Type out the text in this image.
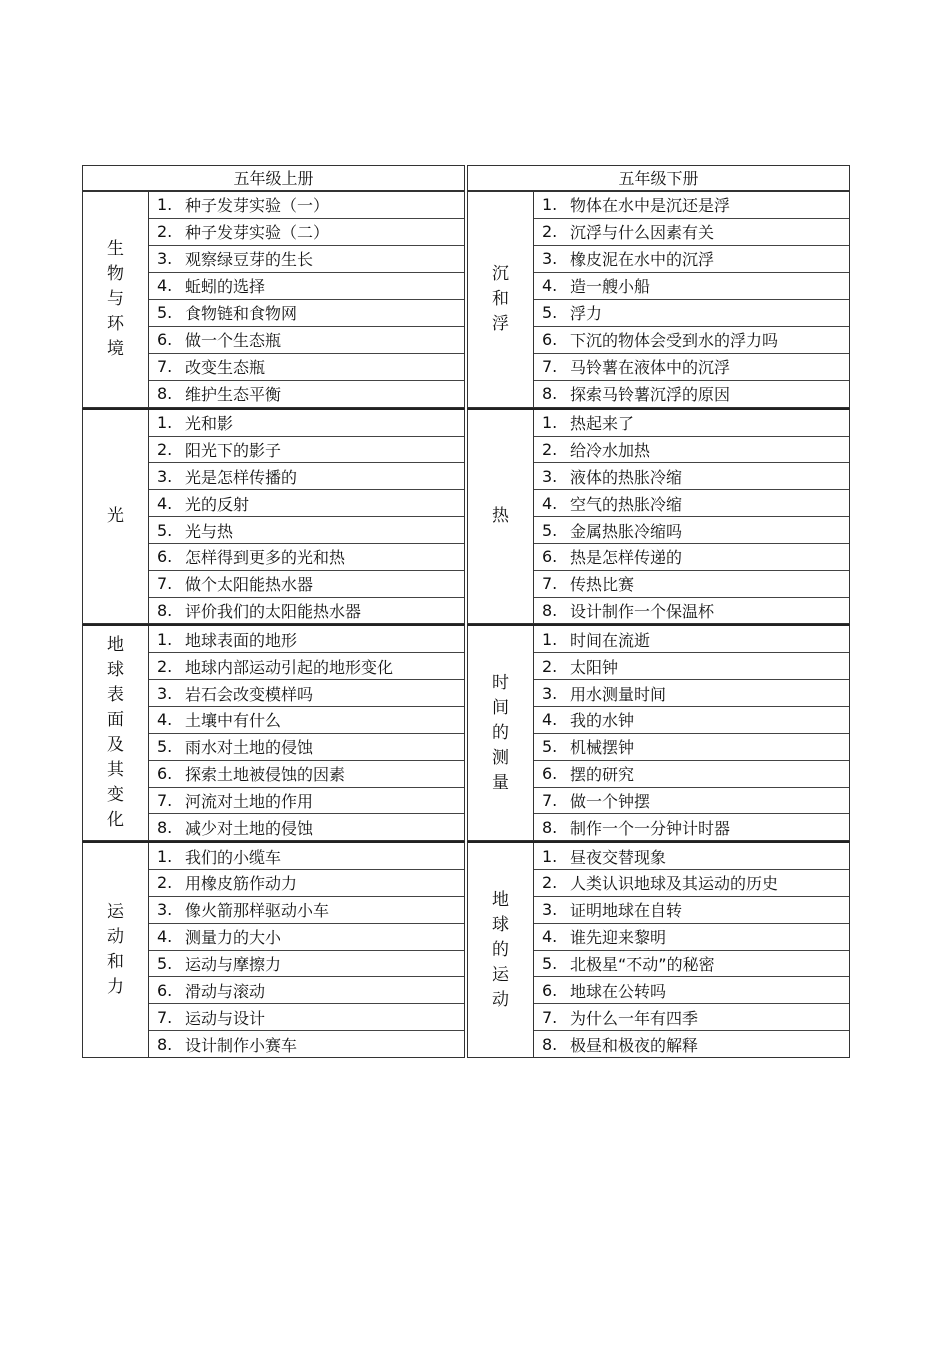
五年级上册
生
物
与
环
境
1. 种子发芽实验（一）
2. 种子发芽实验（二）
3. 观察绿豆芽的生长
4. 蚯蚓的选择
5. 食物链和食物网
6. 做一个生态瓶
7. 改变生态瓶
8. 维护生态平衡
光
1. 光和影
2. 阳光下的影子
3. 光是怎样传播的
4. 光的反射
5. 光与热
6. 怎样得到更多的光和热
7. 做个太阳能热水器
8. 评价我们的太阳能热水器
地
球
表
面
及
其
变
化
1. 地球表面的地形
2. 地球内部运动引起的地形变化
3. 岩石会改变模样吗
4. 土壤中有什么
5. 雨水对土地的侵蚀
6. 探索土地被侵蚀的因素
7. 河流对土地的作用
8. 减少对土地的侵蚀
运
动
和
力
1. 我们的小缆车
2. 用橡皮筋作动力
3. 像火箭那样驱动小车
4. 测量力的大小
5. 运动与摩擦力
6. 滑动与滚动
7. 运动与设计
8. 设计制作小赛车
五年级下册
沉
和
浮
1. 物体在水中是沉还是浮
2. 沉浮与什么因素有关
3. 橡皮泥在水中的沉浮
4. 造一艘小船
5. 浮力
6. 下沉的物体会受到水的浮力吗
7. 马铃薯在液体中的沉浮
8. 探索马铃薯沉浮的原因
热
1. 热起来了
2. 给冷水加热
3. 液体的热胀冷缩
4. 空气的热胀冷缩
5. 金属热胀冷缩吗
6. 热是怎样传递的
7. 传热比赛
8. 设计制作一个保温杯
时
间
的
测
量
1. 时间在流逝
2. 太阳钟
3. 用水测量时间
4. 我的水钟
5. 机械摆钟
6. 摆的研究
7. 做一个钟摆
8. 制作一个一分钟计时器
地
球
的
运
动
1. 昼夜交替现象
2. 人类认识地球及其运动的历史
3. 证明地球在自转
4. 谁先迎来黎明
5. 北极星“不动”的秘密
6. 地球在公转吗
7. 为什么一年有四季
8. 极昼和极夜的解释
